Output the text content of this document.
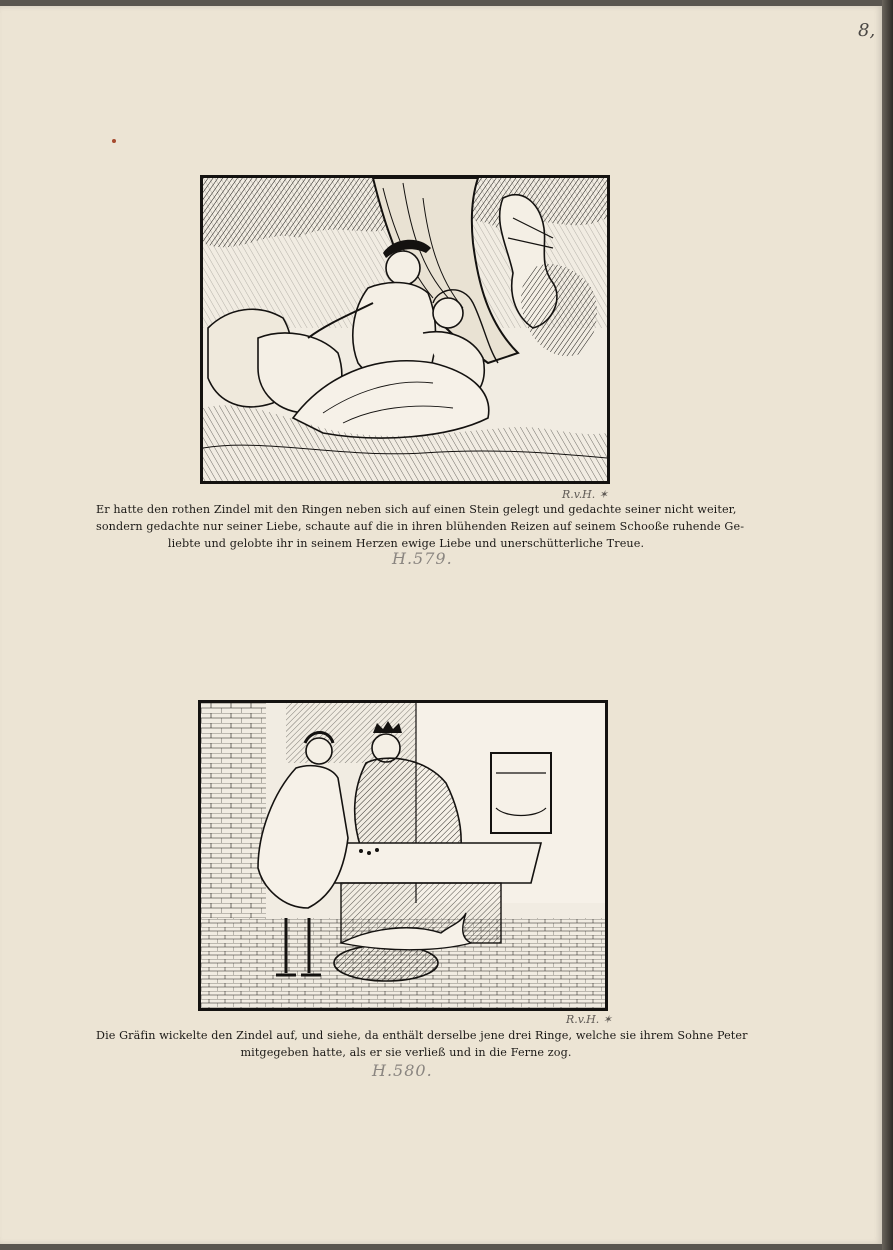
8,
R.v.H. ✶
Er hatte den rothen Zindel mit den Ringen neben sich auf einen Stein gelegt und gedachte seiner nicht weiter,
sondern gedachte nur seiner Liebe, schaute auf die in ihren blühenden Reizen auf seinem Schooße ruhende Ge-
liebte und gelobte ihr in seinem Herzen ewige Liebe und unerschütterliche Treue.
H.579.
R.v.H. ✶
Die Gräfin wickelte den Zindel auf, und siehe, da enthält derselbe jene drei Ringe, welche sie ihrem Sohne Peter
mitgegeben hatte, als er sie verließ und in die Ferne zog.
H.580.
